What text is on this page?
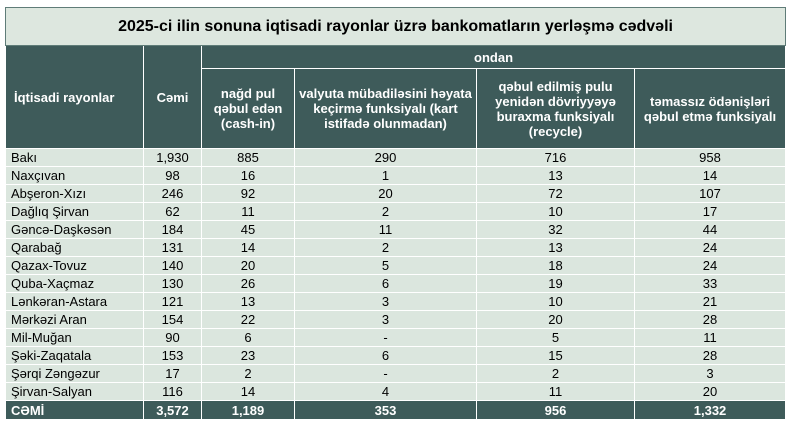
2025-ci ilin sonuna iqtisadi rayonlar üzrə bankomatların yerləşmə cədvəli					
İqtisadi rayonlar	Cəmi	ondan			
		nağd pul qəbul edən (cash-in)	valyuta mübadiləsini həyata keçirmə funksiyalı (kart istifadə olunmadan)	qəbul edilmiş pulu yenidən dövriyyəyə buraxma funksiyalı (recycle)	təmassız ödənişləri qəbul etmə funksiyalı
Bakı	1,930	885	290	716	958
Naxçıvan	98	16	1	13	14
Abşeron-Xızı	246	92	20	72	107
Dağlıq Şirvan	62	11	2	10	17
Gəncə-Daşkəsən	184	45	11	32	44
Qarabağ	131	14	2	13	24
Qazax-Tovuz	140	20	5	18	24
Quba-Xaçmaz	130	26	6	19	33
Lənkəran-Astara	121	13	3	10	21
Mərkəzi Aran	154	22	3	20	28
Mil-Muğan	90	6	-	5	11
Şəki-Zaqatala	153	23	6	15	28
Şərqi Zəngəzur	17	2	-	2	3
Şirvan-Salyan	116	14	4	11	20
CƏMİ	3,572	1,189	353	956	1,332
